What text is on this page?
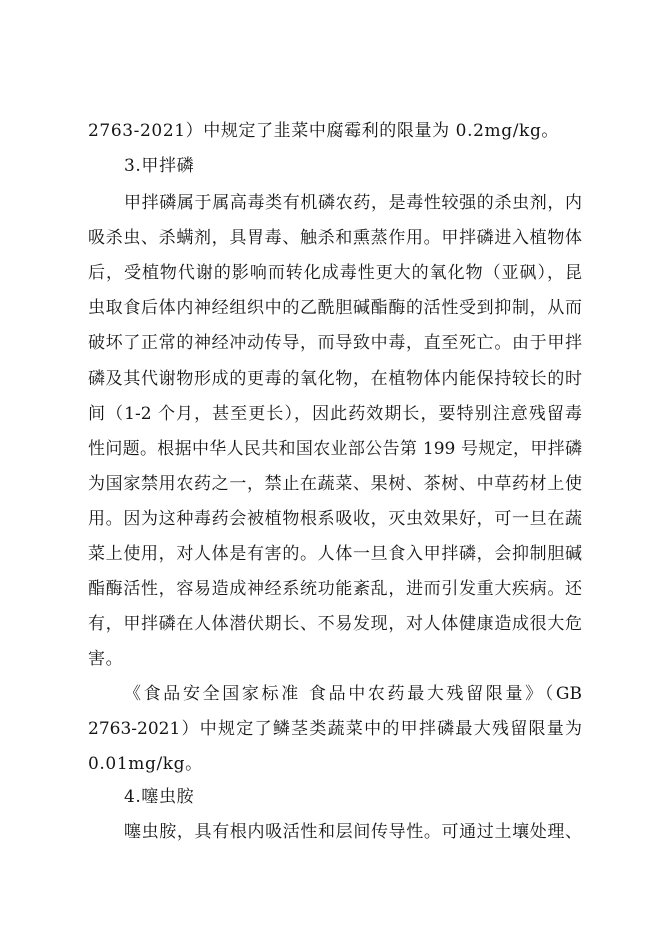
2763-2021）中规定了韭菜中腐霉利的限量为 0.2mg/kg。
3.甲拌磷
甲拌磷属于属高毒类有机磷农药，是毒性较强的杀虫剂，内
吸杀虫、杀螨剂，具胃毒、触杀和熏蒸作用。甲拌磷进入植物体
后，受植物代谢的影响而转化成毒性更大的氧化物（亚砜），昆
虫取食后体内神经组织中的乙酰胆碱酯酶的活性受到抑制，从而
破坏了正常的神经冲动传导，而导致中毒，直至死亡。由于甲拌
磷及其代谢物形成的更毒的氧化物，在植物体内能保持较长的时
间（1-2 个月，甚至更长），因此药效期长，要特别注意残留毒
性问题。根据中华人民共和国农业部公告第 199 号规定，甲拌磷
为国家禁用农药之一，禁止在蔬菜、果树、茶树、中草药材上使
用。因为这种毒药会被植物根系吸收，灭虫效果好，可一旦在蔬
菜上使用，对人体是有害的。人体一旦食入甲拌磷，会抑制胆碱
酯酶活性，容易造成神经系统功能紊乱，进而引发重大疾病。还
有，甲拌磷在人体潜伏期长、不易发现，对人体健康造成很大危
害。
《食品安全国家标准 食品中农药最大残留限量》（GB
2763-2021）中规定了鳞茎类蔬菜中的甲拌磷最大残留限量为
0.01mg/kg。
4.噻虫胺
噻虫胺，具有根内吸活性和层间传导性。可通过土壤处理、
